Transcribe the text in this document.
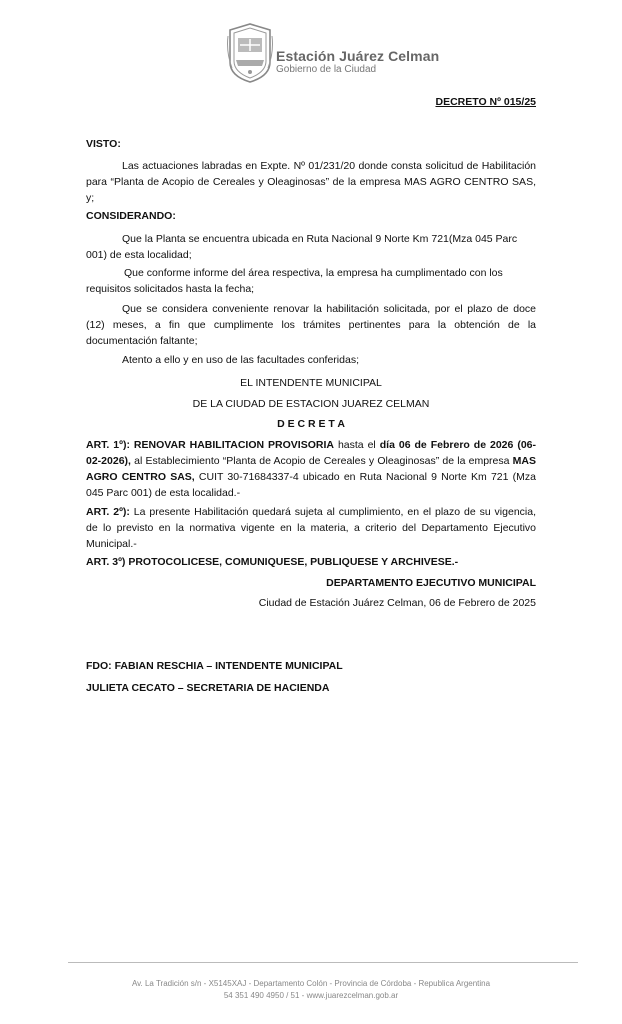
Estación Juárez Celman
Gobierno de la Ciudad
DECRETO Nº 015/25

VISTO:

Las actuaciones labradas en Expte. Nº 01/231/20 donde consta solicitud de Habilitación para “Planta de Acopio de Cereales y Oleaginosas” de la empresa MAS AGRO CENTRO SAS, y;

CONSIDERANDO:

Que la Planta se encuentra ubicada en Ruta Nacional 9 Norte Km 721(Mza 045 Parc 001) de esta localidad;

Que conforme informe del área respectiva, la empresa ha cumplimentado con los requisitos solicitados hasta la fecha;

Que se considera conveniente renovar la habilitación solicitada, por el plazo de doce (12) meses, a fin que cumplimente los trámites pertinentes para la obtención de la documentación faltante;

Atento a ello y en uso de las facultades conferidas;

EL INTENDENTE MUNICIPAL

DE LA CIUDAD DE ESTACION JUAREZ CELMAN

D E C R E T A

ART. 1º): RENOVAR HABILITACION PROVISORIA hasta el día 06 de Febrero de 2026 (06-02-2026), al Establecimiento “Planta de Acopio de Cereales y Oleaginosas” de la empresa MAS AGRO CENTRO SAS, CUIT 30-71684337-4 ubicado en Ruta Nacional 9 Norte Km 721 (Mza 045 Parc 001) de esta localidad.-

ART. 2º): La presente Habilitación quedará sujeta al cumplimiento, en el plazo de su vigencia, de lo previsto en la normativa vigente en la materia, a criterio del Departamento Ejecutivo Municipal.-

ART. 3º) PROTOCOLICESE, COMUNIQUESE, PUBLIQUESE Y ARCHIVESE.-

DEPARTAMENTO EJECUTIVO MUNICIPAL

Ciudad de Estación Juárez Celman, 06 de Febrero de 2025

FDO: FABIAN RESCHIA – INTENDENTE MUNICIPAL

JULIETA CECATO – SECRETARIA DE HACIENDA

Av. La Tradición s/n - X5145XAJ - Departamento Colón - Provincia de Córdoba - Republica Argentina

54 351 490 4950 / 51 - www.juarezcelman.gob.ar
